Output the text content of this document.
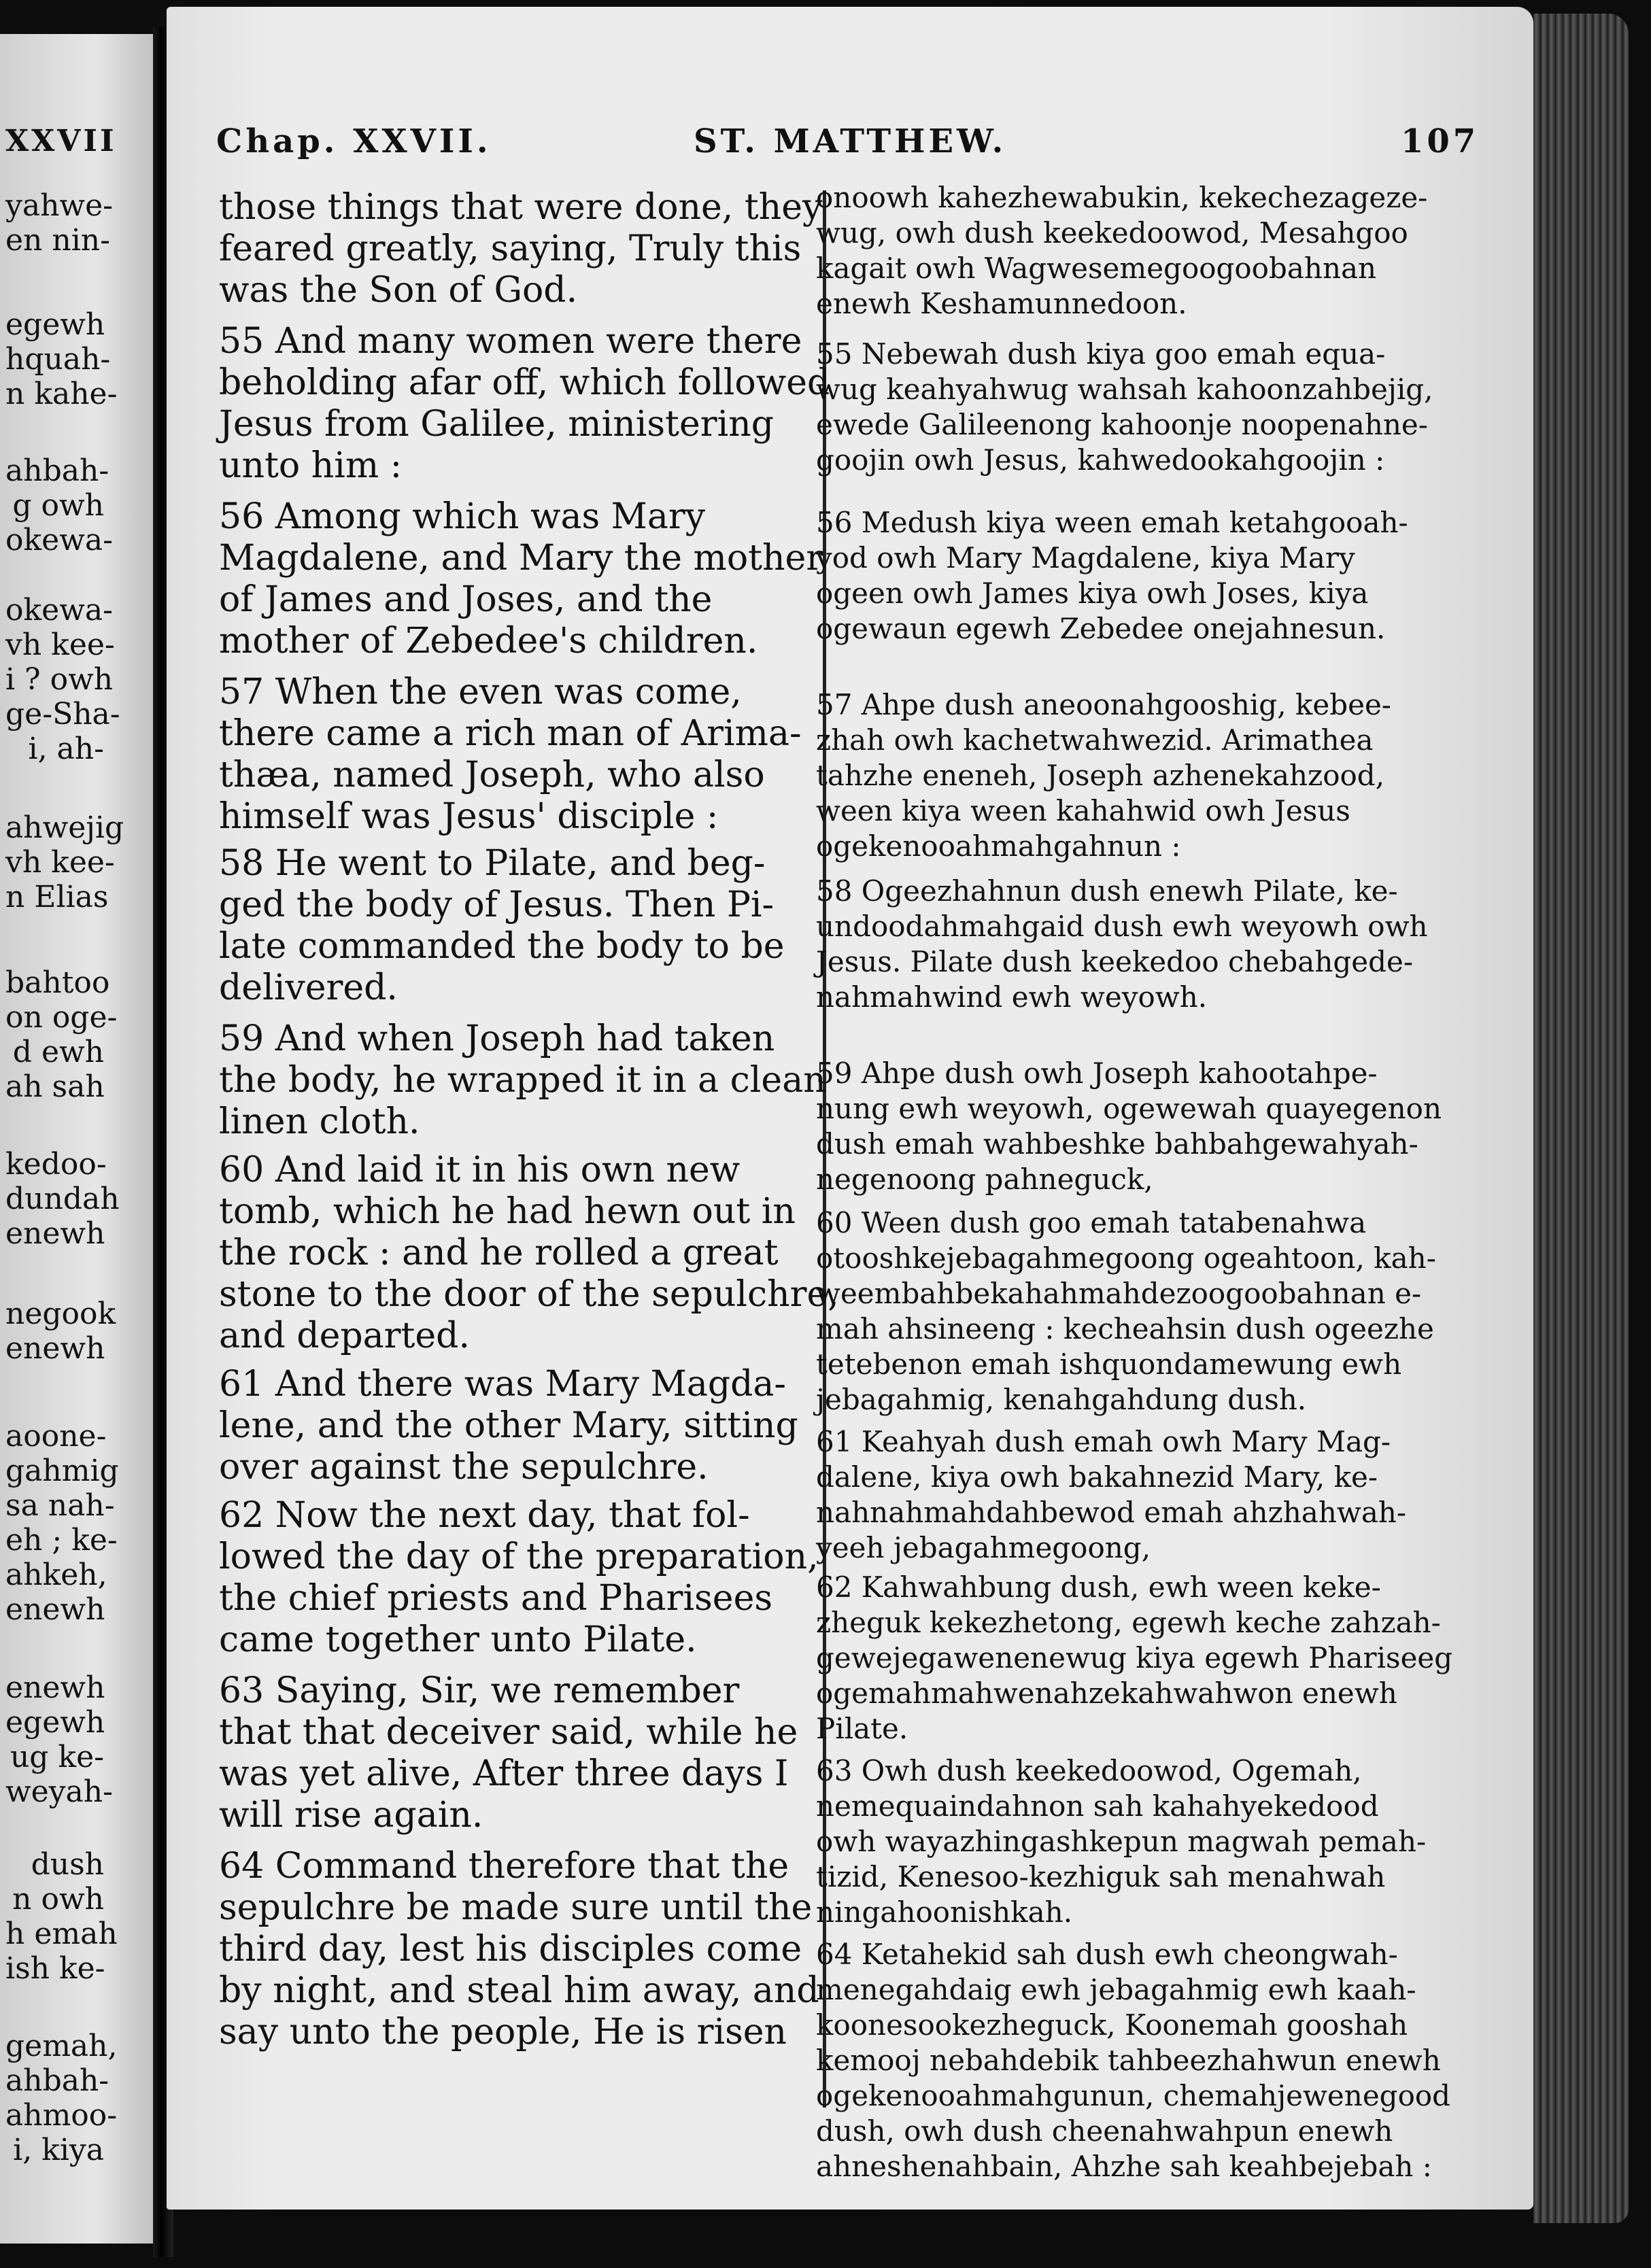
XXVII
yahwe-
en nin-
egewh
hquah-
n kahe-
ahbah-
g owh
okewa-
okewa-
vh kee-
i ? owh
ge-Sha-
i, ah-
ahwejig
vh kee-
n Elias
bahtoo
on oge-
d ewh
ah sah
kedoo-
dundah
enewh
negook
enewh
aoone-
gahmig
sa nah-
eh ; ke-
ahkeh,
enewh
enewh
egewh
ug ke-
weyah-
dush
n owh
h emah
ish ke-
gemah,
ahbah-
ahmoo-
i, kiya
Chap. XXVII.	ST. MATTHEW.	107
those things that were done, they
feared greatly, saying, Truly this
was the Son of God.
55 And many women were there
beholding afar off, which followed
Jesus from Galilee, ministering
unto him :
56 Among which was Mary
Magdalene, and Mary the mother
of James and Joses, and the
mother of Zebedee's children.
57 When the even was come,
there came a rich man of Arima-
thæa, named Joseph, who also
himself was Jesus' disciple :
58 He went to Pilate, and beg-
ged the body of Jesus. Then Pi-
late commanded the body to be
delivered.
59 And when Joseph had taken
the body, he wrapped it in a clean
linen cloth.
60 And laid it in his own new
tomb, which he had hewn out in
the rock : and he rolled a great
stone to the door of the sepulchre,
and departed.
61 And there was Mary Magda-
lene, and the other Mary, sitting
over against the sepulchre.
62 Now the next day, that fol-
lowed the day of the preparation,
the chief priests and Pharisees
came together unto Pilate.
63 Saying, Sir, we remember
that that deceiver said, while he
was yet alive, After three days I
will rise again.
64 Command therefore that the
sepulchre be made sure until the
third day, lest his disciples come
by night, and steal him away, and
say unto the people, He is risen
onoowh kahezhewabukin, kekechezageze-
wug, owh dush keekedoowod, Mesahgoo
kagait owh Wagwesemegoogoobahnan
enewh Keshamunnedoon.
55 Nebewah dush kiya goo emah equa-
wug keahyahwug wahsah kahoonzahbejig,
ewede Galileenong kahoonje noopenahne-
goojin owh Jesus, kahwedookahgoojin :
56 Medush kiya ween emah ketahgooah-
yod owh Mary Magdalene, kiya Mary
ogeen owh James kiya owh Joses, kiya
ogewaun egewh Zebedee onejahnesun.
57 Ahpe dush aneoonahgooshig, kebee-
zhah owh kachetwahwezid. Arimathea
tahzhe eneneh, Joseph azhenekahzood,
ween kiya ween kahahwid owh Jesus
ogekenooahmahgahnun :
58 Ogeezhahnun dush enewh Pilate, ke-
undoodahmahgaid dush ewh weyowh owh
Jesus. Pilate dush keekedoo chebahgede-
nahmahwind ewh weyowh.
59 Ahpe dush owh Joseph kahootahpe-
nung ewh weyowh, ogewewah quayegenon
dush emah wahbeshke bahbahgewahyah-
negenoong pahneguck,
60 Ween dush goo emah tatabenahwa
otooshkejebagahmegoong ogeahtoon, kah-
weembahbekahahmahdezoogoobahnan e-
mah ahsineeng : kecheahsin dush ogeezhe
tetebenon emah ishquondamewung ewh
jebagahmig, kenahgahdung dush.
61 Keahyah dush emah owh Mary Mag-
dalene, kiya owh bakahnezid Mary, ke-
nahnahmahdahbewod emah ahzhahwah-
yeeh jebagahmegoong,
62 Kahwahbung dush, ewh ween keke-
zheguk kekezhetong, egewh keche zahzah-
gewejegawenenewug kiya egewh Phariseeg
ogemahmahwenahzekahwahwon enewh
Pilate.
63 Owh dush keekedoowod, Ogemah,
nemequaindahnon sah kahahyekedood
owh wayazhingashkepun magwah pemah-
tizid, Kenesoo-kezhiguk sah menahwah
ningahoonishkah.
64 Ketahekid sah dush ewh cheongwah-
menegahdaig ewh jebagahmig ewh kaah-
koonesookezheguck, Koonemah gooshah
kemooj nebahdebik tahbeezhahwun enewh
ogekenooahmahgunun, chemahjewenegood
dush, owh dush cheenahwahpun enewh
ahneshenahbain, Ahzhe sah keahbejebah :
